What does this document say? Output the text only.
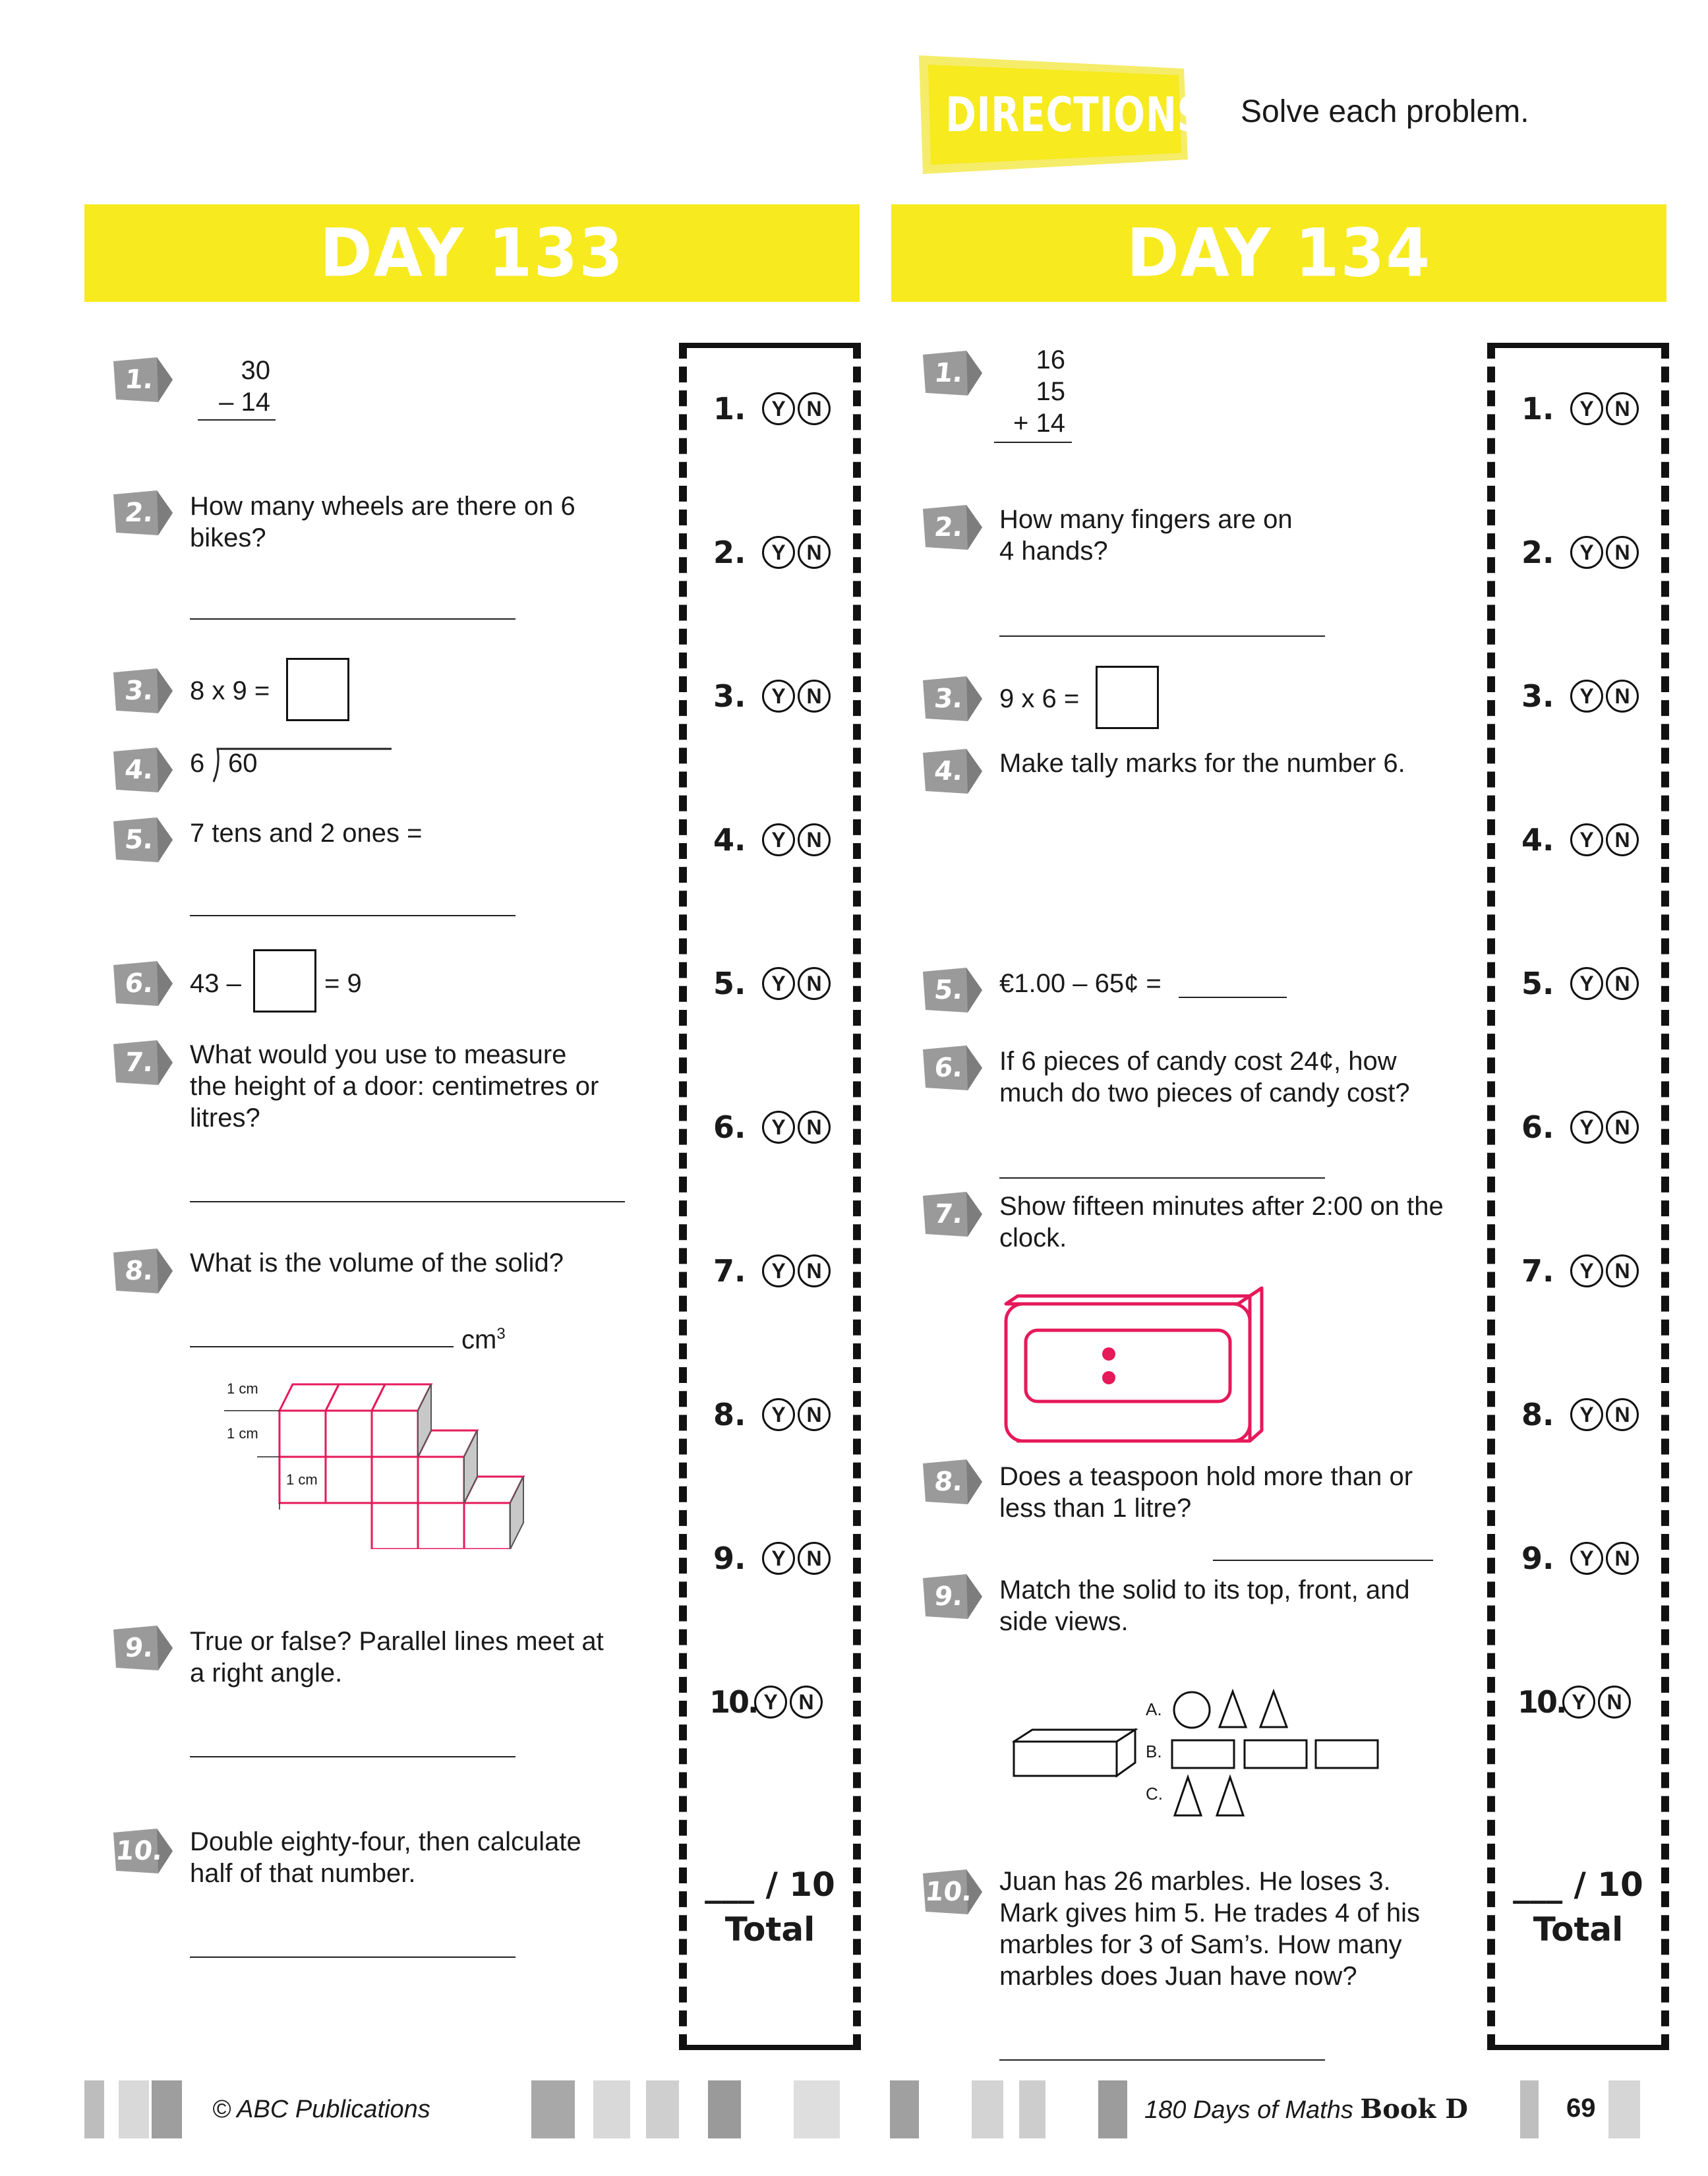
DIRECTIONS Solve each problem.
DAY 133	DAY 134
1.	30
– 14
2.	How many wheels are there on 6
bikes?
3.	8 x 9 =
4.	6 60
5.	7 tens and 2 ones =
6.	43 –	= 9
7.	What would you use to measure
the height of a door: centimetres or
litres?
8.	What is the volume of the solid?
$cm^3$
1 cm
1 cm
1 cm
9.	True or false? Parallel lines meet at
a right angle.
10. Double eighty-four, then calculate
half of that number.
1.	Y N
2.	Y N
3.	Y N
4.	Y N
5.	Y N
6.	Y N
7.	Y N
8.	Y N
9.	Y N
10. Y N
___ / 10
Total
1.	16
15
+ 14
2.	How many fingers are on
4 hands?
3.	9 x 6 =
4.	Make tally marks for the number 6.
5.	€1.00 – 65¢ =
6.	If 6 pieces of candy cost 24¢, how
much do two pieces of candy cost?
7.	Show fifteen minutes after 2:00 on the
clock.
8.	Does a teaspoon hold more than or
less than 1 litre?
9.	Match the solid to its top, front, and
side views.
A.
B.
C.
10. Juan has 26 marbles. He loses 3.
Mark gives him 5. He trades 4 of his
marbles for 3 of Sam’s. How many
marbles does Juan have now?
1.	Y N
2.	Y N
3.	Y N
4.	Y N
5.	Y N
6.	Y N
7.	Y N
8.	Y N
9.	Y N
10. Y N
___ / 10
Total
© ABC Publications	180 Days of Maths Book D	69
